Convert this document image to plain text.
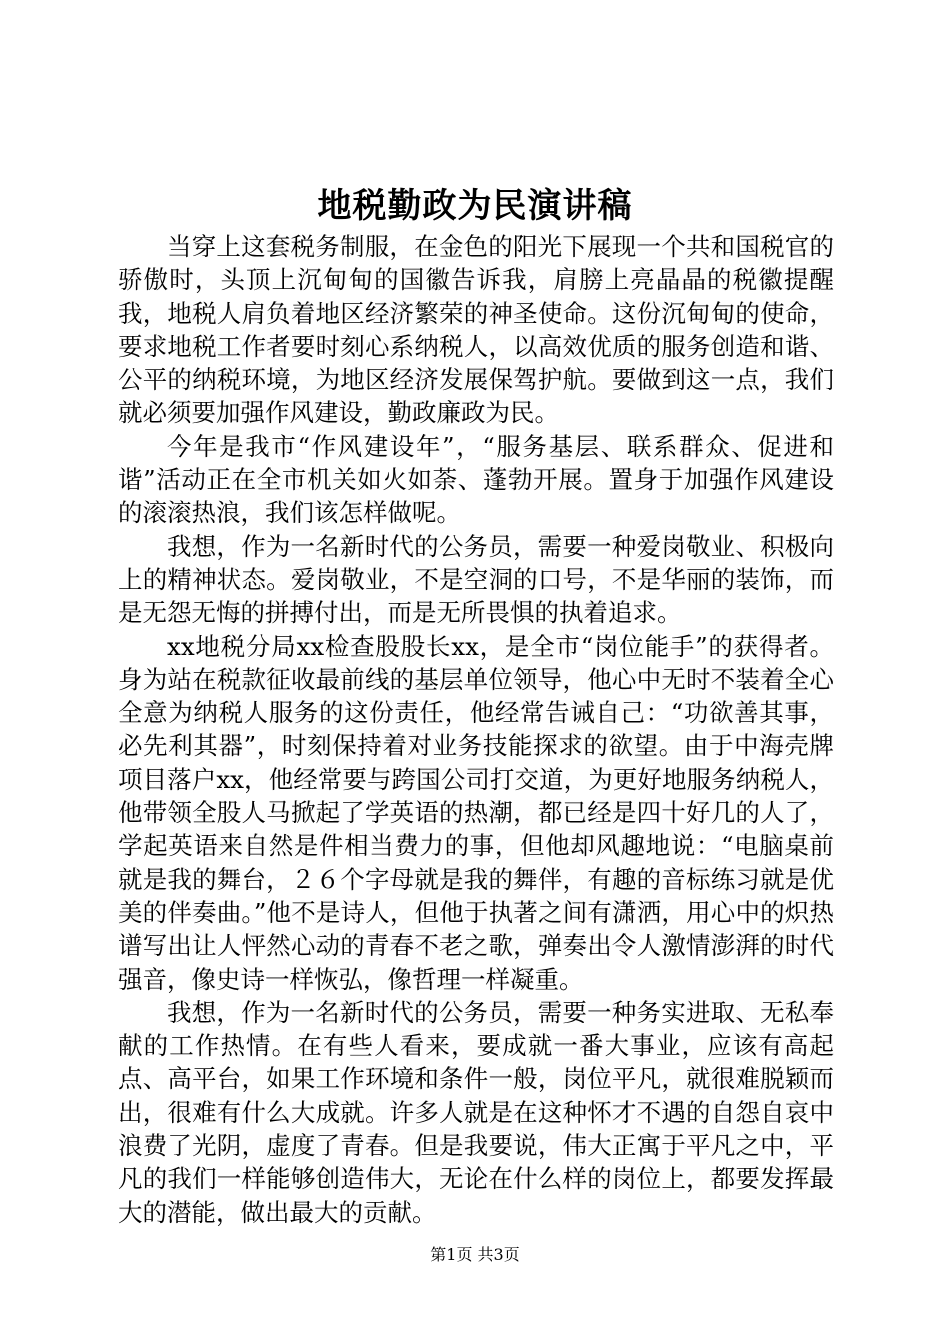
地税勤政为民演讲稿

当穿上这套税务制服，在金色的阳光下展现一个共和国税官的骄傲时，头顶上沉甸甸的国徽告诉我，肩膀上亮晶晶的税徽提醒我，地税人肩负着地区经济繁荣的神圣使命。这份沉甸甸的使命，要求地税工作者要时刻心系纳税人，以高效优质的服务创造和谐、公平的纳税环境，为地区经济发展保驾护航。要做到这一点，我们就必须要加强作风建设，勤政廉政为民。

今年是我市“作风建设年”，“服务基层、联系群众、促进和谐”活动正在全市机关如火如荼、蓬勃开展。置身于加强作风建设的滚滚热浪，我们该怎样做呢。

我想，作为一名新时代的公务员，需要一种爱岗敬业、积极向上的精神状态。爱岗敬业，不是空洞的口号，不是华丽的装饰，而是无怨无悔的拼搏付出，而是无所畏惧的执着追求。

xx地税分局xx检查股股长xx，是全市“岗位能手”的获得者。身为站在税款征收最前线的基层单位领导，他心中无时不装着全心全意为纳税人服务的这份责任，他经常告诫自己：“功欲善其事，必先利其器”，时刻保持着对业务技能探求的欲望。由于中海壳牌项目落户xx，他经常要与跨国公司打交道，为更好地服务纳税人，他带领全股人马掀起了学英语的热潮，都已经是四十好几的人了，学起英语来自然是件相当费力的事，但他却风趣地说：“电脑桌前就是我的舞台，２６个字母就是我的舞伴，有趣的音标练习就是优美的伴奏曲。”他不是诗人，但他于执著之间有潇洒，用心中的炽热谱写出让人怦然心动的青春不老之歌，弹奏出令人激情澎湃的时代强音，像史诗一样恢弘，像哲理一样凝重。

我想，作为一名新时代的公务员，需要一种务实进取、无私奉献的工作热情。在有些人看来，要成就一番大事业，应该有高起点、高平台，如果工作环境和条件一般，岗位平凡，就很难脱颖而出，很难有什么大成就。许多人就是在这种怀才不遇的自怨自哀中浪费了光阴，虚度了青春。但是我要说，伟大正寓于平凡之中，平凡的我们一样能够创造伟大，无论在什么样的岗位上，都要发挥最大的潜能，做出最大的贡献。

第1页 共3页
